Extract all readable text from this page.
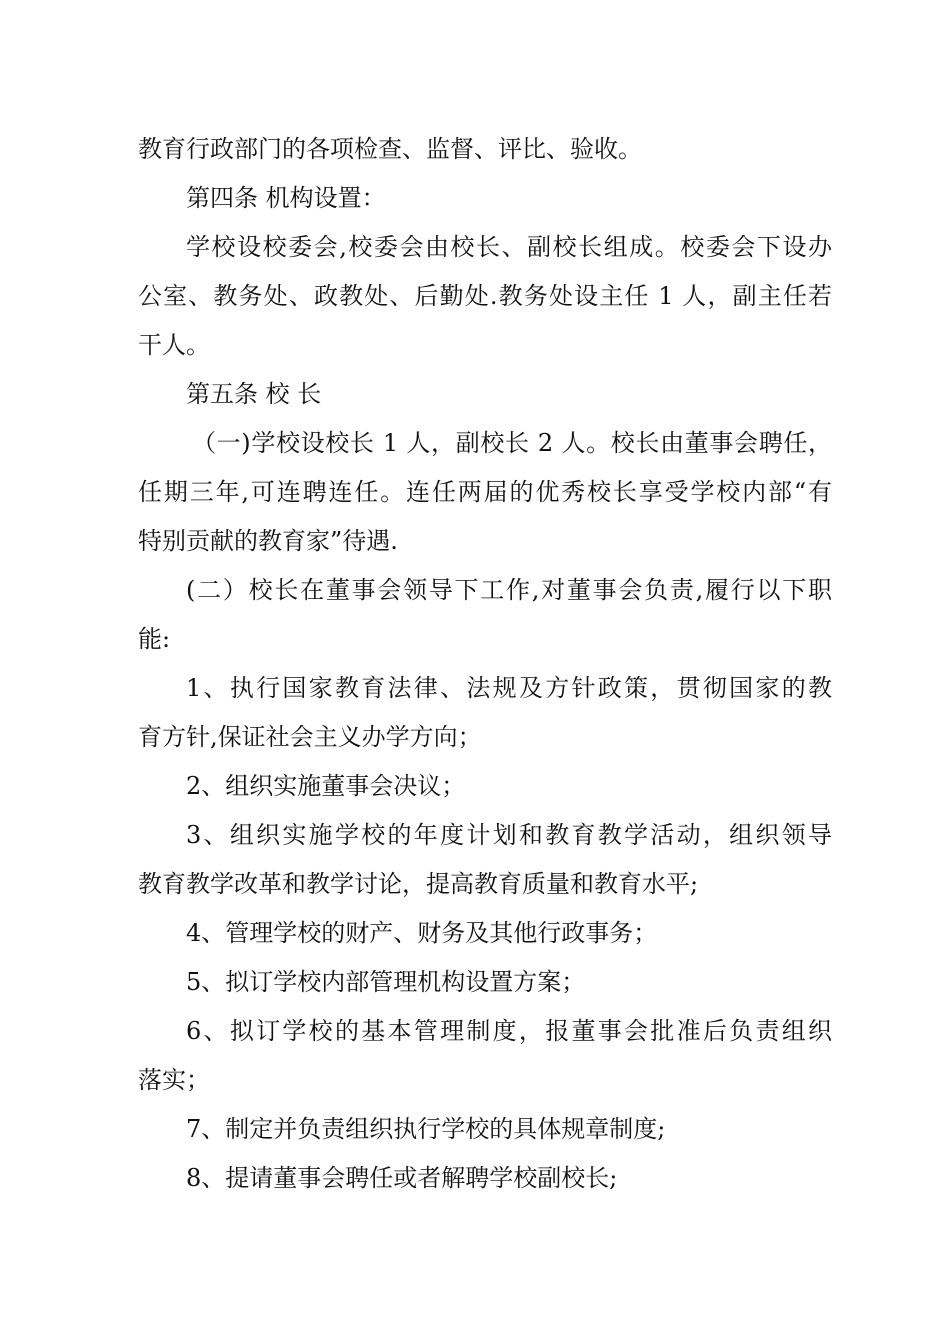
教育行政部门的各项检查、监督、评比、验收。
第四条 机构设置：
学校设校委会,校委会由校长、副校长组成。校委会下设办
公室、教务处、政教处、后勤处.教务处设主任 1 人，副主任若
干人。
第五条 校 长
（一)学校设校长 1 人，副校长 2 人。校长由董事会聘任，
任期三年,可连聘连任。连任两届的优秀校长享受学校内部“有
特别贡献的教育家”待遇.
(二）校长在董事会领导下工作,对董事会负责,履行以下职
能:
1、执行国家教育法律、法规及方针政策，贯彻国家的教
育方针,保证社会主义办学方向；
2、组织实施董事会决议；
3、组织实施学校的年度计划和教育教学活动，组织领导
教育教学改革和教学讨论，提高教育质量和教育水平;
4、管理学校的财产、财务及其他行政事务；
5、拟订学校内部管理机构设置方案；
6、拟订学校的基本管理制度，报董事会批准后负责组织
落实；
7、制定并负责组织执行学校的具体规章制度;
8、提请董事会聘任或者解聘学校副校长;
